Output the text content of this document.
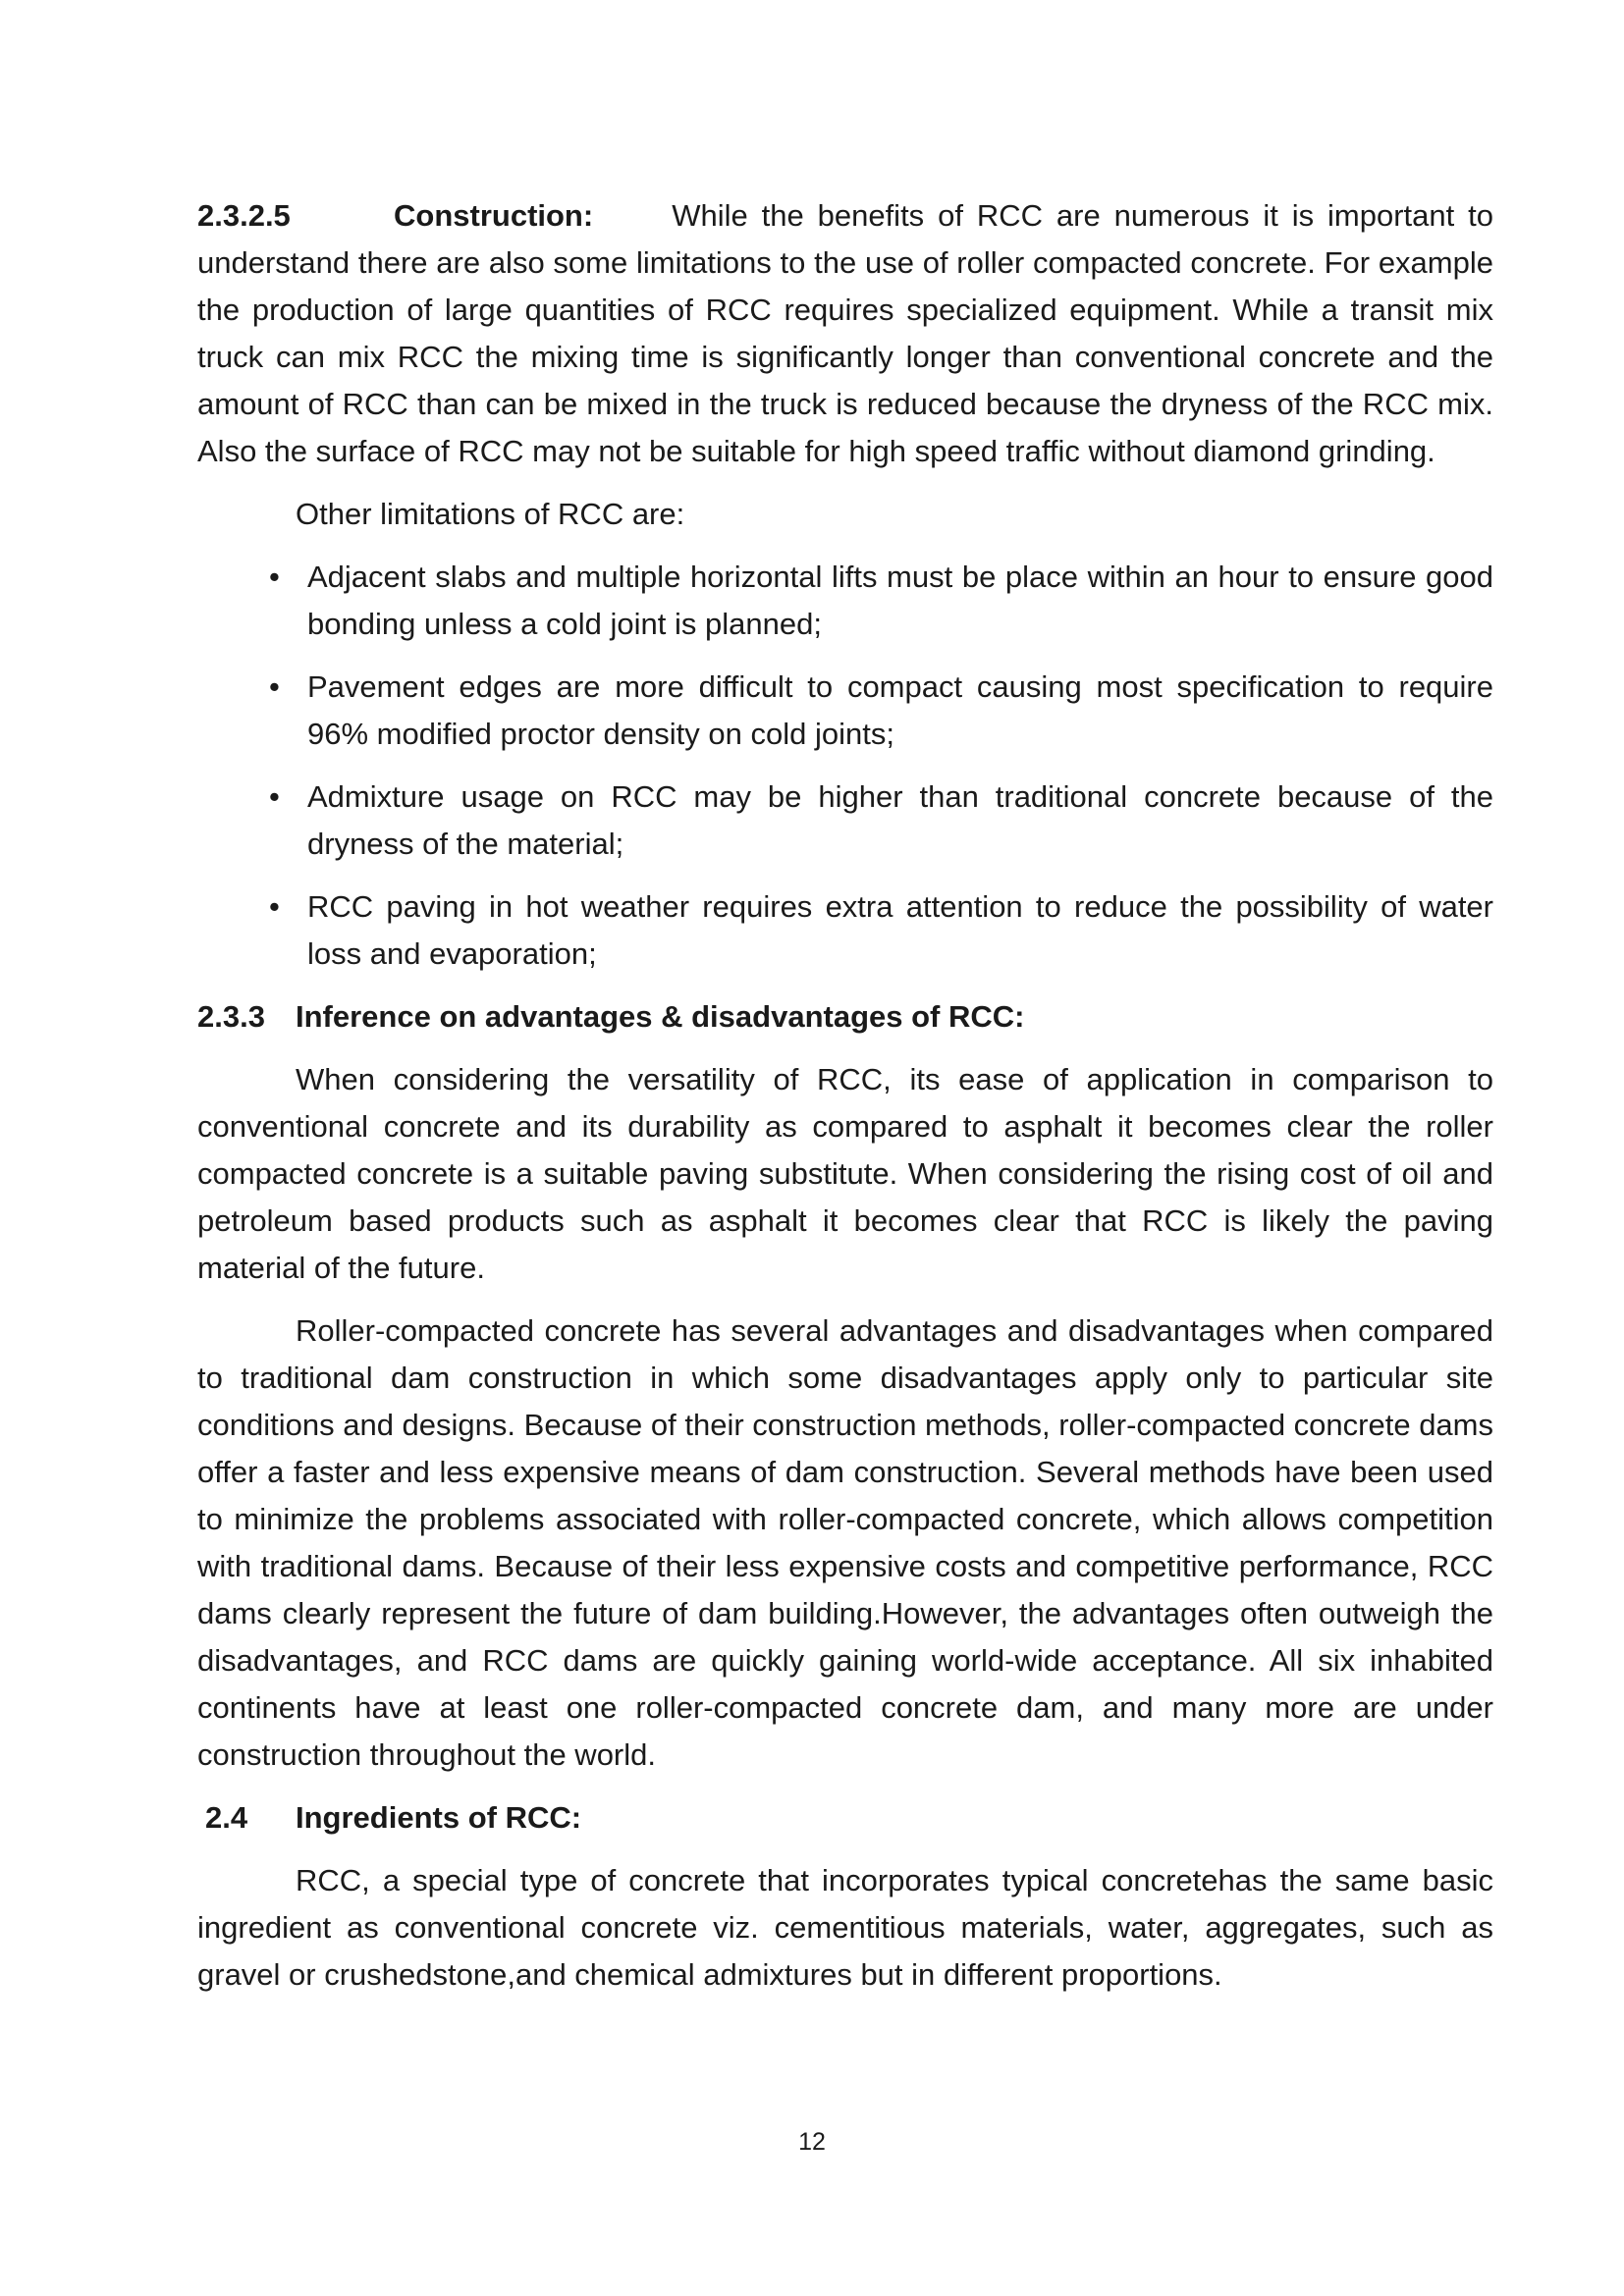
2.3.2.5	Construction:	While the benefits of RCC are numerous it is important to understand there are also some limitations to the use of roller compacted concrete. For example the production of large quantities of RCC requires specialized equipment. While a transit mix truck can mix RCC the mixing time is significantly longer than conventional concrete and the amount of RCC than can be mixed in the truck is reduced because the dryness of the RCC mix. Also the surface of RCC may not be suitable for high speed traffic without diamond grinding.

Other limitations of RCC are:

• Adjacent slabs and multiple horizontal lifts must be place within an hour to ensure good bonding unless a cold joint is planned;
• Pavement edges are more difficult to compact causing most specification to require 96% modified proctor density on cold joints;
• Admixture usage on RCC may be higher than traditional concrete because of the dryness of the material;
• RCC paving in hot weather requires extra attention to reduce the possibility of water loss and evaporation;

2.3.3 Inference on advantages & disadvantages of RCC:

When considering the versatility of RCC, its ease of application in comparison to conventional concrete and its durability as compared to asphalt it becomes clear the roller compacted concrete is a suitable paving substitute. When considering the rising cost of oil and petroleum based products such as asphalt it becomes clear that RCC is likely the paving material of the future.

Roller-compacted concrete has several advantages and disadvantages when compared to traditional dam construction in which some disadvantages apply only to particular site conditions and designs. Because of their construction methods, roller-compacted concrete dams offer a faster and less expensive means of dam construction. Several methods have been used to minimize the problems associated with roller-compacted concrete, which allows competition with traditional dams. Because of their less expensive costs and competitive performance, RCC dams clearly represent the future of dam building.However, the advantages often outweigh the disadvantages, and RCC dams are quickly gaining world-wide acceptance. All six inhabited continents have at least one roller-compacted concrete dam, and many more are under construction throughout the world.

2.4 Ingredients of RCC:

RCC, a special type of concrete that incorporates typical concretehas the same basic ingredient as conventional concrete viz. cementitious materials, water, aggregates, such as gravel or crushedstone,and chemical admixtures but in different proportions.

12
